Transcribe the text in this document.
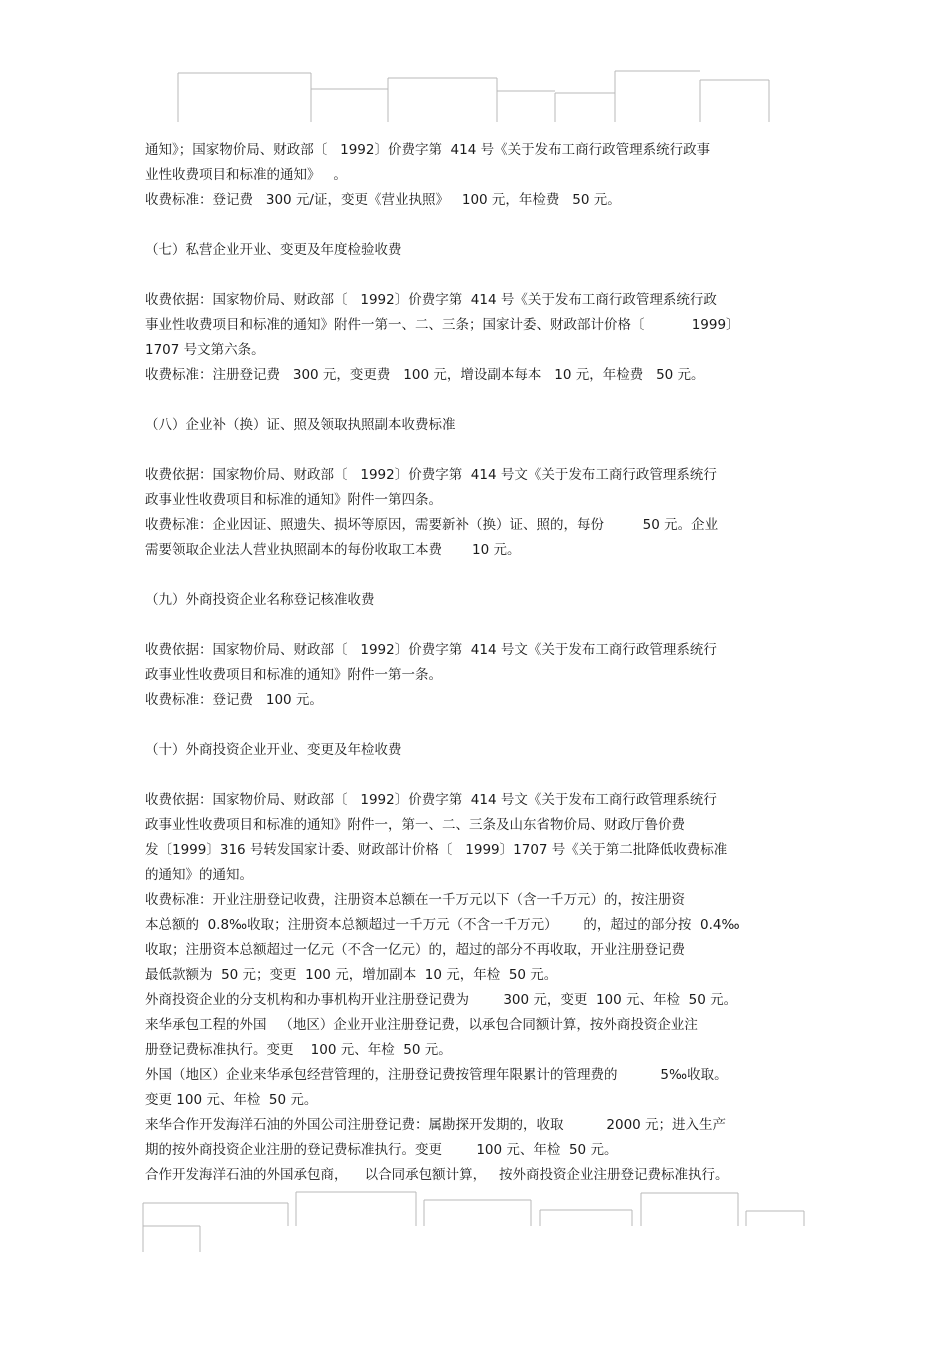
通知》；国家物价局、财政部〔   1992〕价费字第  414 号《关于发布工商行政管理系统行政事
业性收费项目和标准的通知》   。
收费标准：登记费   300 元/证，变更《营业执照》   100 元，年检费   50 元。
（七）私营企业开业、变更及年度检验收费
收费依据：国家物价局、财政部〔   1992〕价费字第  414 号《关于发布工商行政管理系统行政
事业性收费项目和标准的通知》附件一第一、二、三条；国家计委、财政部计价格〔           1999〕
1707 号文第六条。
收费标准：注册登记费   300 元，变更费   100 元，增设副本每本   10 元，年检费   50 元。
（八）企业补（换）证、照及领取执照副本收费标准
收费依据：国家物价局、财政部〔   1992〕价费字第  414 号文《关于发布工商行政管理系统行
政事业性收费项目和标准的通知》附件一第四条。
收费标准：企业因证、照遗失、损坏等原因，需要新补（换）证、照的，每份         50 元。企业
需要领取企业法人营业执照副本的每份收取工本费       10 元。
（九）外商投资企业名称登记核准收费
收费依据：国家物价局、财政部〔   1992〕价费字第  414 号文《关于发布工商行政管理系统行
政事业性收费项目和标准的通知》附件一第一条。
收费标准：登记费   100 元。
（十）外商投资企业开业、变更及年检收费
收费依据：国家物价局、财政部〔   1992〕价费字第  414 号文《关于发布工商行政管理系统行
政事业性收费项目和标准的通知》附件一，第一、二、三条及山东省物价局、财政厅鲁价费
发〔1999〕316 号转发国家计委、财政部计价格〔   1999〕1707 号《关于第二批降低收费标准
的通知》的通知。
收费标准：开业注册登记收费，注册资本总额在一千万元以下（含一千万元）的，按注册资
本总额的  0.8‰收取；注册资本总额超过一千万元（不含一千万元）      的，超过的部分按  0.4‰
收取；注册资本总额超过一亿元（不含一亿元）的，超过的部分不再收取，开业注册登记费
最低款额为  50 元；变更  100 元，增加副本  10 元，年检  50 元。
外商投资企业的分支机构和办事机构开业注册登记费为        300 元，变更  100 元、年检  50 元。
来华承包工程的外国   （地区）企业开业注册登记费，以承包合同额计算，按外商投资企业注
册登记费标准执行。变更    100 元、年检  50 元。
外国（地区）企业来华承包经营管理的，注册登记费按管理年限累计的管理费的          5‰收取。
变更 100 元、年检  50 元。
来华合作开发海洋石油的外国公司注册登记费：属勘探开发期的，收取          2000 元；进入生产
期的按外商投资企业注册的登记费标准执行。变更        100 元、年检  50 元。
合作开发海洋石油的外国承包商，    以合同承包额计算，   按外商投资企业注册登记费标准执行。
